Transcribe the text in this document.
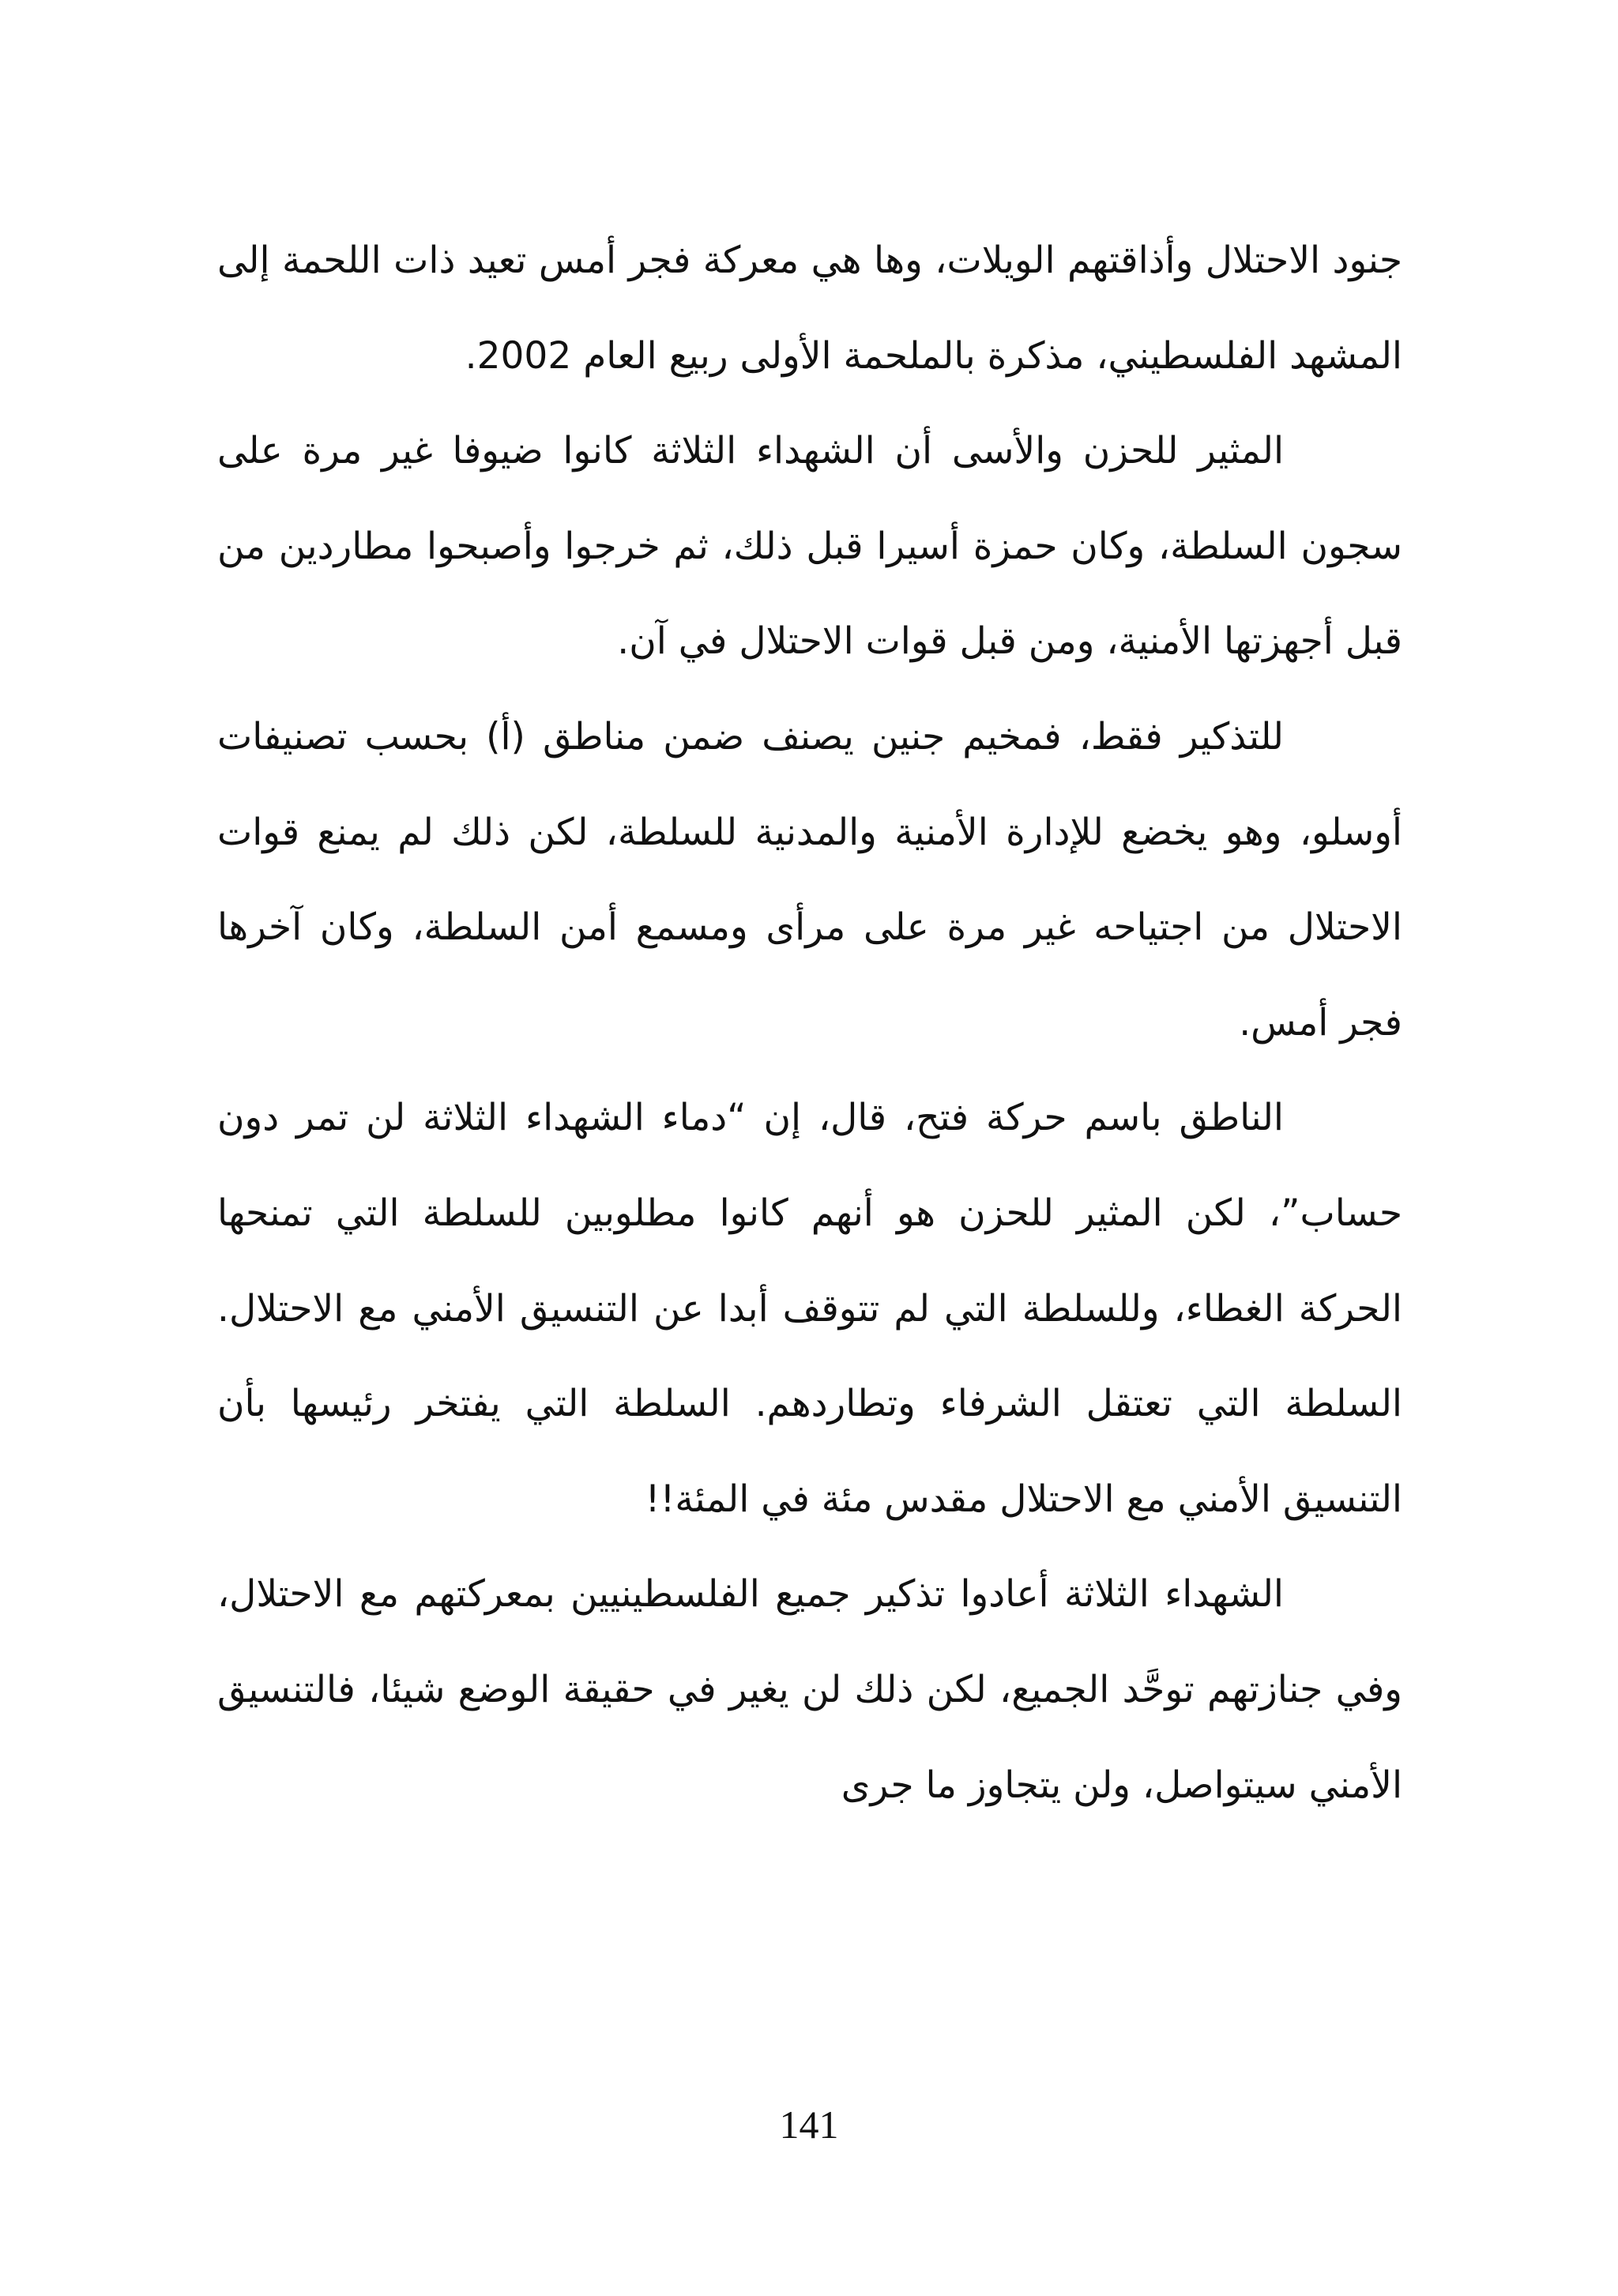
جنود الاحتلال وأذاقتهم الويلات، وها هي معركة فجر أمس تعيد ذات اللحمة إلى المشهد الفلسطيني، مذكرة بالملحمة الأولى ربيع العام 2002.

المثير للحزن والأسى أن الشهداء الثلاثة كانوا ضيوفا غير مرة على سجون السلطة، وكان حمزة أسيرا قبل ذلك، ثم خرجوا وأصبحوا مطاردين من قبل أجهزتها الأمنية، ومن قبل قوات الاحتلال في آن.

للتذكير فقط، فمخيم جنين يصنف ضمن مناطق (أ) بحسب تصنيفات أوسلو، وهو يخضع للإدارة الأمنية والمدنية للسلطة، لكن ذلك لم يمنع قوات الاحتلال من اجتياحه غير مرة على مرأى ومسمع أمن السلطة، وكان آخرها فجر أمس.

الناطق باسم حركة فتح، قال، إن “دماء الشهداء الثلاثة لن تمر دون حساب”، لكن المثير للحزن هو أنهم كانوا مطلوبين للسلطة التي تمنحها الحركة الغطاء، وللسلطة التي لم تتوقف أبدا عن التنسيق الأمني مع الاحتلال. السلطة التي تعتقل الشرفاء وتطاردهم. السلطة التي يفتخر رئيسها بأن التنسيق الأمني مع الاحتلال مقدس مئة في المئة!!

الشهداء الثلاثة أعادوا تذكير جميع الفلسطينيين بمعركتهم مع الاحتلال، وفي جنازتهم توحَّد الجميع، لكن ذلك لن يغير في حقيقة الوضع شيئا، فالتنسيق الأمني سيتواصل، ولن يتجاوز ما جرى

141
